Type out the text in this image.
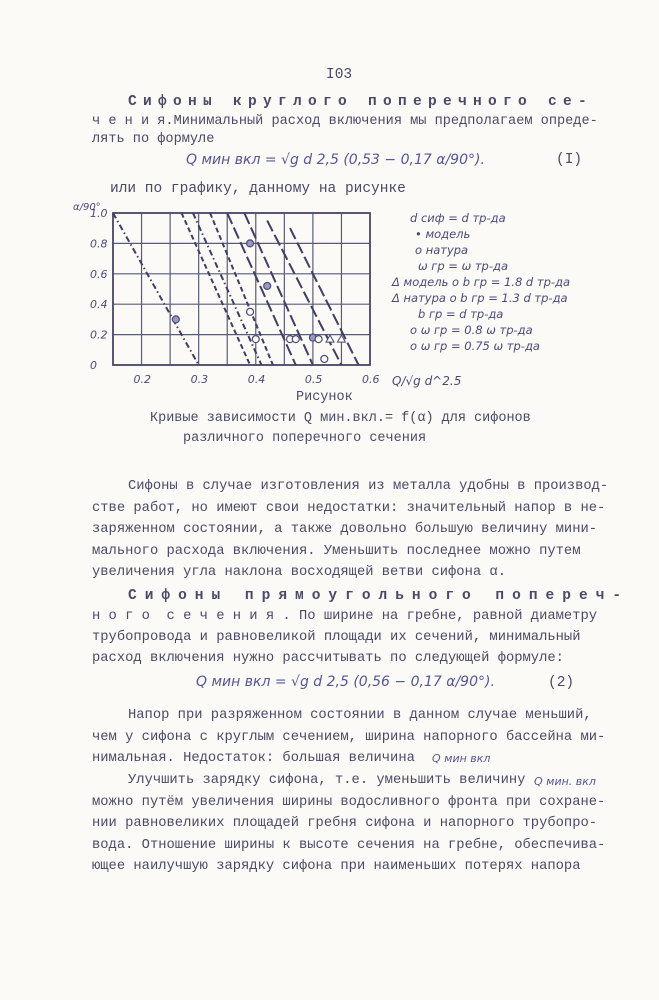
I03
Сифоны круглого поперечного се-
ч е н и я.Минимальный расход включения мы предполагаем опреде-
лять по формуле
Q мин вкл = √g d 2,5 (0,53 − 0,17 α/90°).	(I)
или по графику, данному на рисунке
0.2	0.3	0.4	0.5	0.6
0
0.2
0.4
0.6
0.8
1.0
α/90°
Q/√g d^2.5
d сиф = d тр-да
• модель
o натура
ω гр = ω тр-да
Δ модель o b гр = 1.8 d тр-да
Δ натура o b гр = 1.3 d тр-да
b гр = d тр-да
o ω гр = 0.8 ω тр-да
o ω гр = 0.75 ω тр-да
Рисунок
Кривые зависимости Q мин.вкл.= f(α) для сифонов
различного поперечного сечения
Сифоны в случае изготовления из металла удобны в производ-
стве работ, но имеют свои недостатки: значительный напор в не-
заряженном состоянии, а также довольно большую величину мини-
мального расхода включения. Уменьшить последнее можно путем
увеличения угла наклона восходящей ветви сифона α.
Сифоны прямоугольного попереч-
н о г о  с е ч е н и я . По ширине на гребне, равной диаметру
трубопровода и равновеликой площади их сечений, минимальный
расход включения нужно рассчитывать по следующей формуле:
Q мин вкл = √g d 2,5 (0,56 − 0,17 α/90°).	(2)
Напор при разряженном состоянии в данном случае меньший,
чем у сифона с круглым сечением, ширина напорного бассейна ми-
нимальная. Недостаток: большая величина Q мин вкл
Улучшить зарядку сифона, т.е. уменьшить величину
можно путём увеличения ширины водосливного фронта при сохране-
нии равновеликих площадей гребня сифона и напорного трубопро-
вода. Отношение ширины к высоте сечения на гребне, обеспечива-
ющее наилучшую зарядку сифона при наименьших потерях напора
Q мин. вкл
